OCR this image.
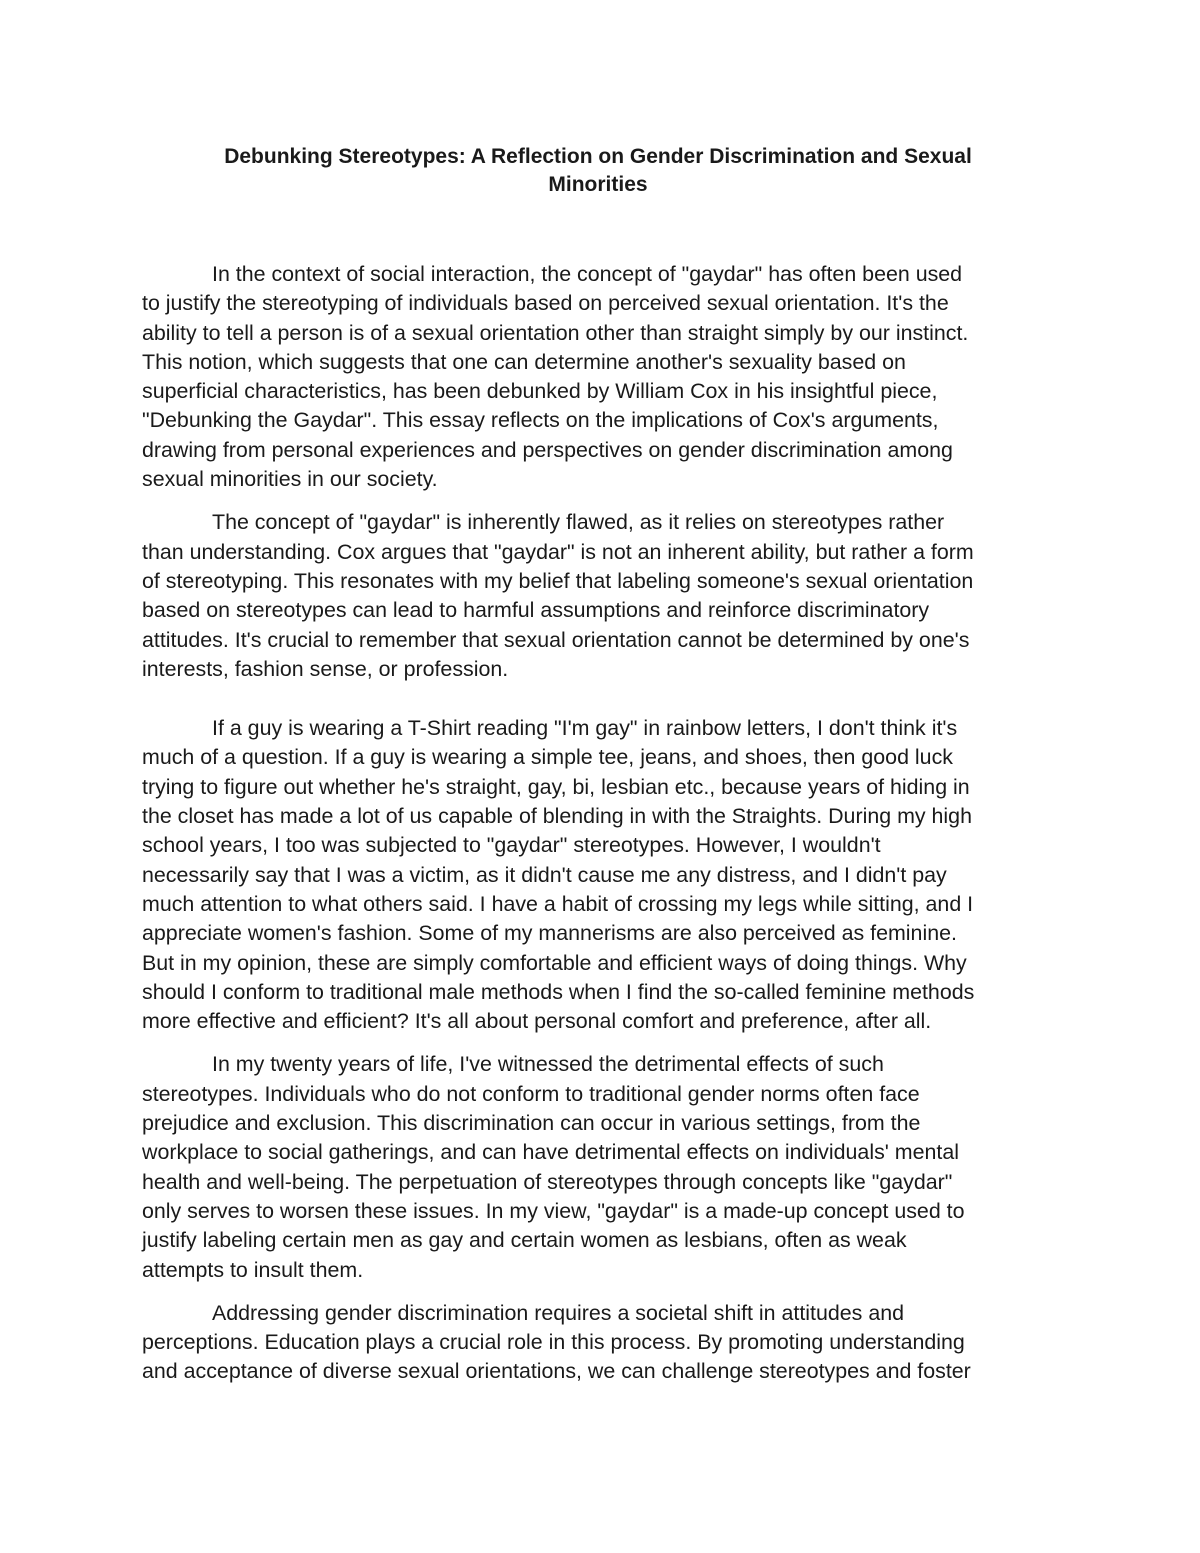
Debunking Stereotypes: A Reflection on Gender Discrimination and Sexual
Minorities

In the context of social interaction, the concept of "gaydar" has often been used
to justify the stereotyping of individuals based on perceived sexual orientation. It's the
ability to tell a person is of a sexual orientation other than straight simply by our instinct.
This notion, which suggests that one can determine another's sexuality based on
superficial characteristics, has been debunked by William Cox in his insightful piece,
"Debunking the Gaydar". This essay reflects on the implications of Cox's arguments,
drawing from personal experiences and perspectives on gender discrimination among
sexual minorities in our society.

The concept of "gaydar" is inherently flawed, as it relies on stereotypes rather
than understanding. Cox argues that "gaydar" is not an inherent ability, but rather a form
of stereotyping. This resonates with my belief that labeling someone's sexual orientation
based on stereotypes can lead to harmful assumptions and reinforce discriminatory
attitudes. It's crucial to remember that sexual orientation cannot be determined by one's
interests, fashion sense, or profession.

If a guy is wearing a T-Shirt reading "I'm gay" in rainbow letters, I don't think it's
much of a question. If a guy is wearing a simple tee, jeans, and shoes, then good luck
trying to figure out whether he's straight, gay, bi, lesbian etc., because years of hiding in
the closet has made a lot of us capable of blending in with the Straights. During my high
school years, I too was subjected to "gaydar" stereotypes. However, I wouldn't
necessarily say that I was a victim, as it didn't cause me any distress, and I didn't pay
much attention to what others said. I have a habit of crossing my legs while sitting, and I
appreciate women's fashion. Some of my mannerisms are also perceived as feminine.
But in my opinion, these are simply comfortable and efficient ways of doing things. Why
should I conform to traditional male methods when I find the so-called feminine methods
more effective and efficient? It's all about personal comfort and preference, after all.

In my twenty years of life, I've witnessed the detrimental effects of such
stereotypes. Individuals who do not conform to traditional gender norms often face
prejudice and exclusion. This discrimination can occur in various settings, from the
workplace to social gatherings, and can have detrimental effects on individuals' mental
health and well-being. The perpetuation of stereotypes through concepts like "gaydar"
only serves to worsen these issues. In my view, "gaydar" is a made-up concept used to
justify labeling certain men as gay and certain women as lesbians, often as weak
attempts to insult them.

Addressing gender discrimination requires a societal shift in attitudes and
perceptions. Education plays a crucial role in this process. By promoting understanding
and acceptance of diverse sexual orientations, we can challenge stereotypes and foster
